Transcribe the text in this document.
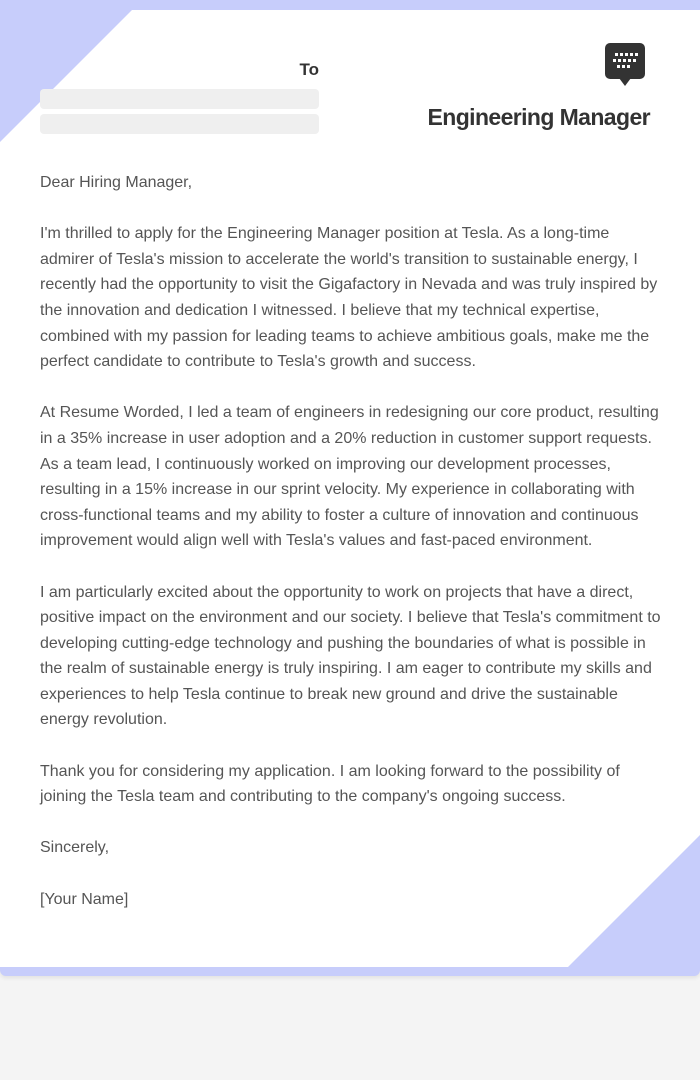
To
Engineering Manager

Dear Hiring Manager,

I'm thrilled to apply for the Engineering Manager position at Tesla. As a long-time admirer of Tesla's mission to accelerate the world's transition to sustainable energy, I recently had the opportunity to visit the Gigafactory in Nevada and was truly inspired by the innovation and dedication I witnessed. I believe that my technical expertise, combined with my passion for leading teams to achieve ambitious goals, make me the perfect candidate to contribute to Tesla's growth and success.

At Resume Worded, I led a team of engineers in redesigning our core product, resulting in a 35% increase in user adoption and a 20% reduction in customer support requests. As a team lead, I continuously worked on improving our development processes, resulting in a 15% increase in our sprint velocity. My experience in collaborating with cross-functional teams and my ability to foster a culture of innovation and continuous improvement would align well with Tesla's values and fast-paced environment.

I am particularly excited about the opportunity to work on projects that have a direct, positive impact on the environment and our society. I believe that Tesla's commitment to developing cutting-edge technology and pushing the boundaries of what is possible in the realm of sustainable energy is truly inspiring. I am eager to contribute my skills and experiences to help Tesla continue to break new ground and drive the sustainable energy revolution.

Thank you for considering my application. I am looking forward to the possibility of joining the Tesla team and contributing to the company's ongoing success.

Sincerely,

[Your Name]
